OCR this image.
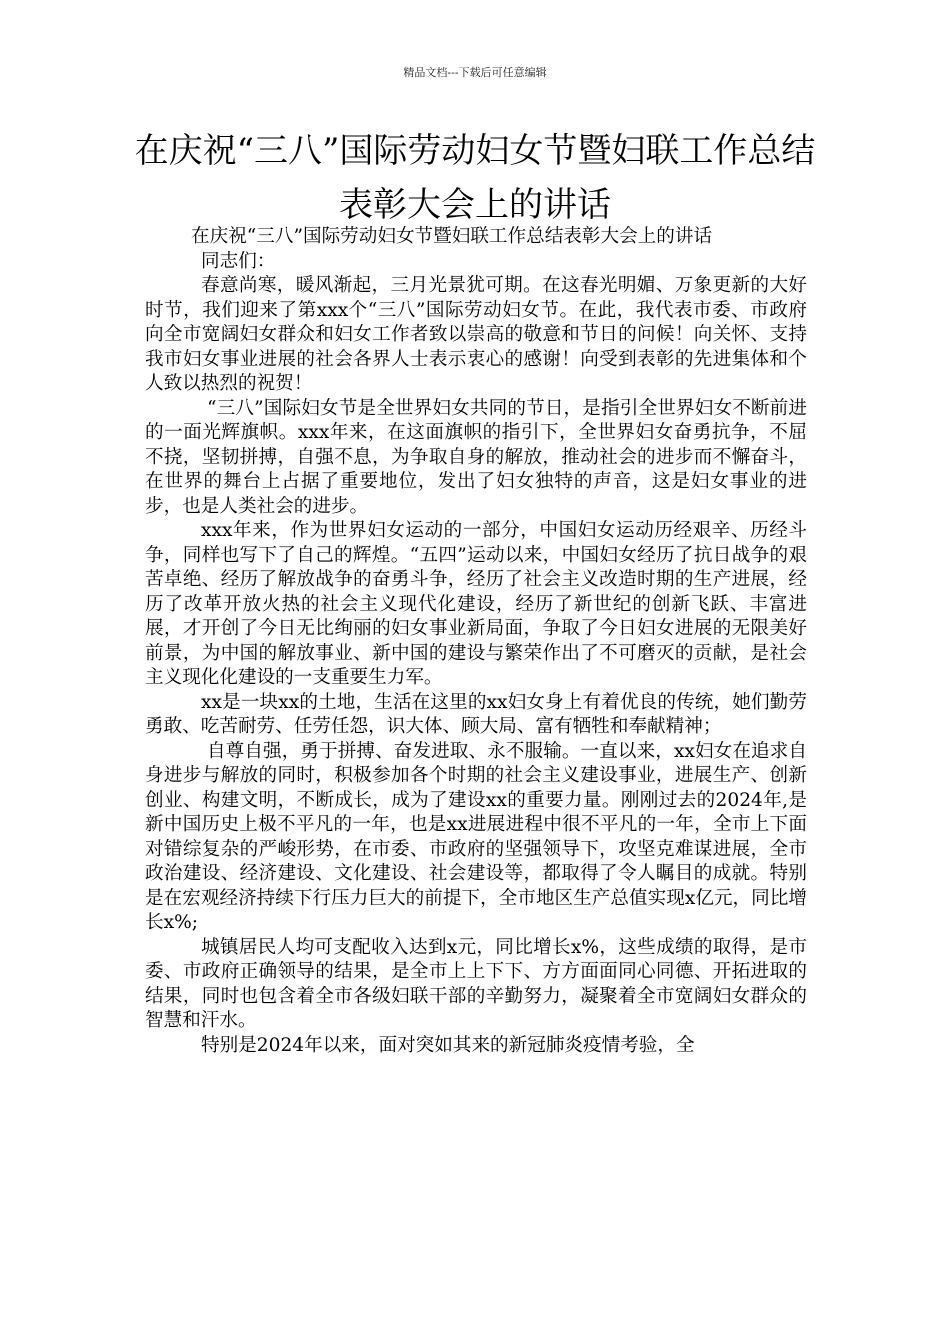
精品文档---下载后可任意编辑
在庆祝“三八”国际劳动妇女节暨妇联工作总结表彰大会上的讲话

在庆祝“三八”国际劳动妇女节暨妇联工作总结表彰大会上的讲话

同志们：

春意尚寒，暖风渐起，三月光景犹可期。在这春光明媚、万象更新的大好时节，我们迎来了第xxx个“三八”国际劳动妇女节。在此，我代表市委、市政府向全市宽阔妇女群众和妇女工作者致以崇高的敬意和节日的问候！向关怀、支持我市妇女事业进展的社会各界人士表示衷心的感谢！向受到表彰的先进集体和个人致以热烈的祝贺！

“三八”国际妇女节是全世界妇女共同的节日，是指引全世界妇女不断前进的一面光辉旗帜。xxx年来，在这面旗帜的指引下，全世界妇女奋勇抗争，不屈不挠，坚韧拼搏，自强不息，为争取自身的解放，推动社会的进步而不懈奋斗，在世界的舞台上占据了重要地位，发出了妇女独特的声音，这是妇女事业的进步，也是人类社会的进步。

xxx年来，作为世界妇女运动的一部分，中国妇女运动历经艰辛、历经斗争，同样也写下了自己的辉煌。“五四”运动以来，中国妇女经历了抗日战争的艰苦卓绝、经历了解放战争的奋勇斗争，经历了社会主义改造时期的生产进展，经历了改革开放火热的社会主义现代化建设，经历了新世纪的创新飞跃、丰富进展，才开创了今日无比绚丽的妇女事业新局面，争取了今日妇女进展的无限美好前景，为中国的解放事业、新中国的建设与繁荣作出了不可磨灭的贡献，是社会主义现化化建设的一支重要生力军。

xx是一块xx的土地，生活在这里的xx妇女身上有着优良的传统，她们勤劳勇敢、吃苦耐劳、任劳任怨，识大体、顾大局、富有牺牲和奉献精神；

自尊自强，勇于拼搏、奋发进取、永不服输。一直以来，xx妇女在追求自身进步与解放的同时，积极参加各个时期的社会主义建设事业，进展生产、创新创业、构建文明，不断成长，成为了建设xx的重要力量。刚刚过去的2024年,是新中国历史上极不平凡的一年，也是xx进展进程中很不平凡的一年，全市上下面对错综复杂的严峻形势，在市委、市政府的坚强领导下，攻坚克难谋进展，全市政治建设、经济建设、文化建设、社会建设等，都取得了令人瞩目的成就。特别是在宏观经济持续下行压力巨大的前提下，全市地区生产总值实现x亿元，同比增长x%;

城镇居民人均可支配收入达到x元，同比增长x%，这些成绩的取得，是市委、市政府正确领导的结果，是全市上上下下、方方面面同心同德、开拓进取的结果，同时也包含着全市各级妇联干部的辛勤努力，凝聚着全市宽阔妇女群众的智慧和汗水。

特别是2024年以来，面对突如其来的新冠肺炎疫情考验，全
